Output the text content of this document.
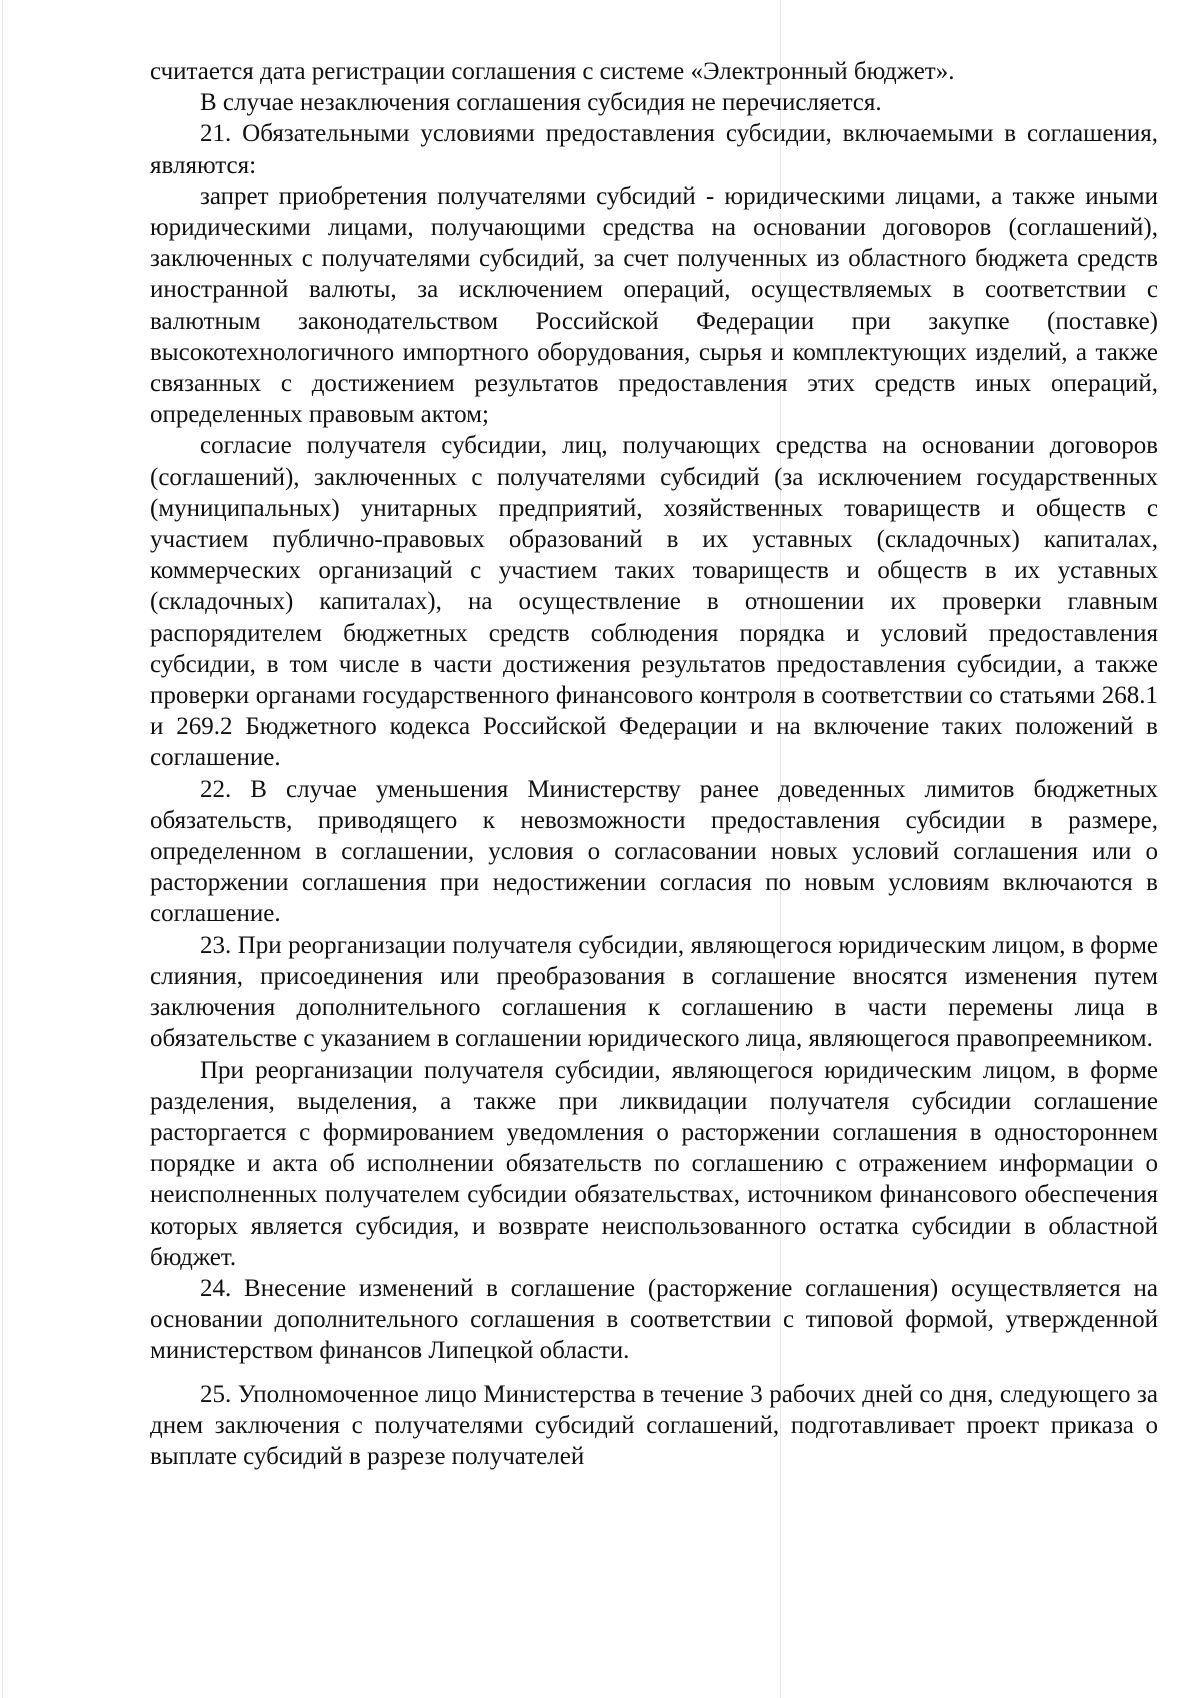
считается дата регистрации соглашения с системе «Электронный бюджет».

В случае незаключения соглашения субсидия не перечисляется.

21. Обязательными условиями предоставления субсидии, включаемыми в соглашения, являются:

запрет приобретения получателями субсидий - юридическими лицами, а также иными юридическими лицами, получающими средства на основании договоров (соглашений), заключенных с получателями субсидий, за счет полученных из областного бюджета средств иностранной валюты, за исключением операций, осуществляемых в соответствии с валютным законодательством Российской Федерации при закупке (поставке) высокотехнологичного импортного оборудования, сырья и комплектующих изделий, а также связанных с достижением результатов предоставления этих средств иных операций, определенных правовым актом;

согласие получателя субсидии, лиц, получающих средства на основании договоров (соглашений), заключенных с получателями субсидий (за исключением государственных (муниципальных) унитарных предприятий, хозяйственных товариществ и обществ с участием публично-правовых образований в их уставных (складочных) капиталах, коммерческих организаций с участием таких товариществ и обществ в их уставных (складочных) капиталах), на осуществление в отношении их проверки главным распорядителем бюджетных средств соблюдения порядка и условий предоставления субсидии, в том числе в части достижения результатов предоставления субсидии, а также проверки органами государственного финансового контроля в соответствии со статьями 268.1 и 269.2 Бюджетного кодекса Российской Федерации и на включение таких положений в соглашение.

22. В случае уменьшения Министерству ранее доведенных лимитов бюджетных обязательств, приводящего к невозможности предоставления субсидии в размере, определенном в соглашении, условия о согласовании новых условий соглашения или о расторжении соглашения при недостижении согласия по новым условиям включаются в соглашение.

23. При реорганизации получателя субсидии, являющегося юридическим лицом, в форме слияния, присоединения или преобразования в соглашение вносятся изменения путем заключения дополнительного соглашения к соглашению в части перемены лица в обязательстве с указанием в соглашении юридического лица, являющегося правопреемником.

При реорганизации получателя субсидии, являющегося юридическим лицом, в форме разделения, выделения, а также при ликвидации получателя субсидии соглашение расторгается с формированием уведомления о расторжении соглашения в одностороннем порядке и акта об исполнении обязательств по соглашению с отражением информации о неисполненных получателем субсидии обязательствах, источником финансового обеспечения которых является субсидия, и возврате неиспользованного остатка субсидии в областной бюджет.

24. Внесение изменений в соглашение (расторжение соглашения) осуществляется на основании дополнительного соглашения в соответствии с типовой формой, утвержденной министерством финансов Липецкой области.

25. Уполномоченное лицо Министерства в течение 3 рабочих дней со дня, следующего за днем заключения с получателями субсидий соглашений, подготавливает проект приказа о выплате субсидий в разрезе получателей
